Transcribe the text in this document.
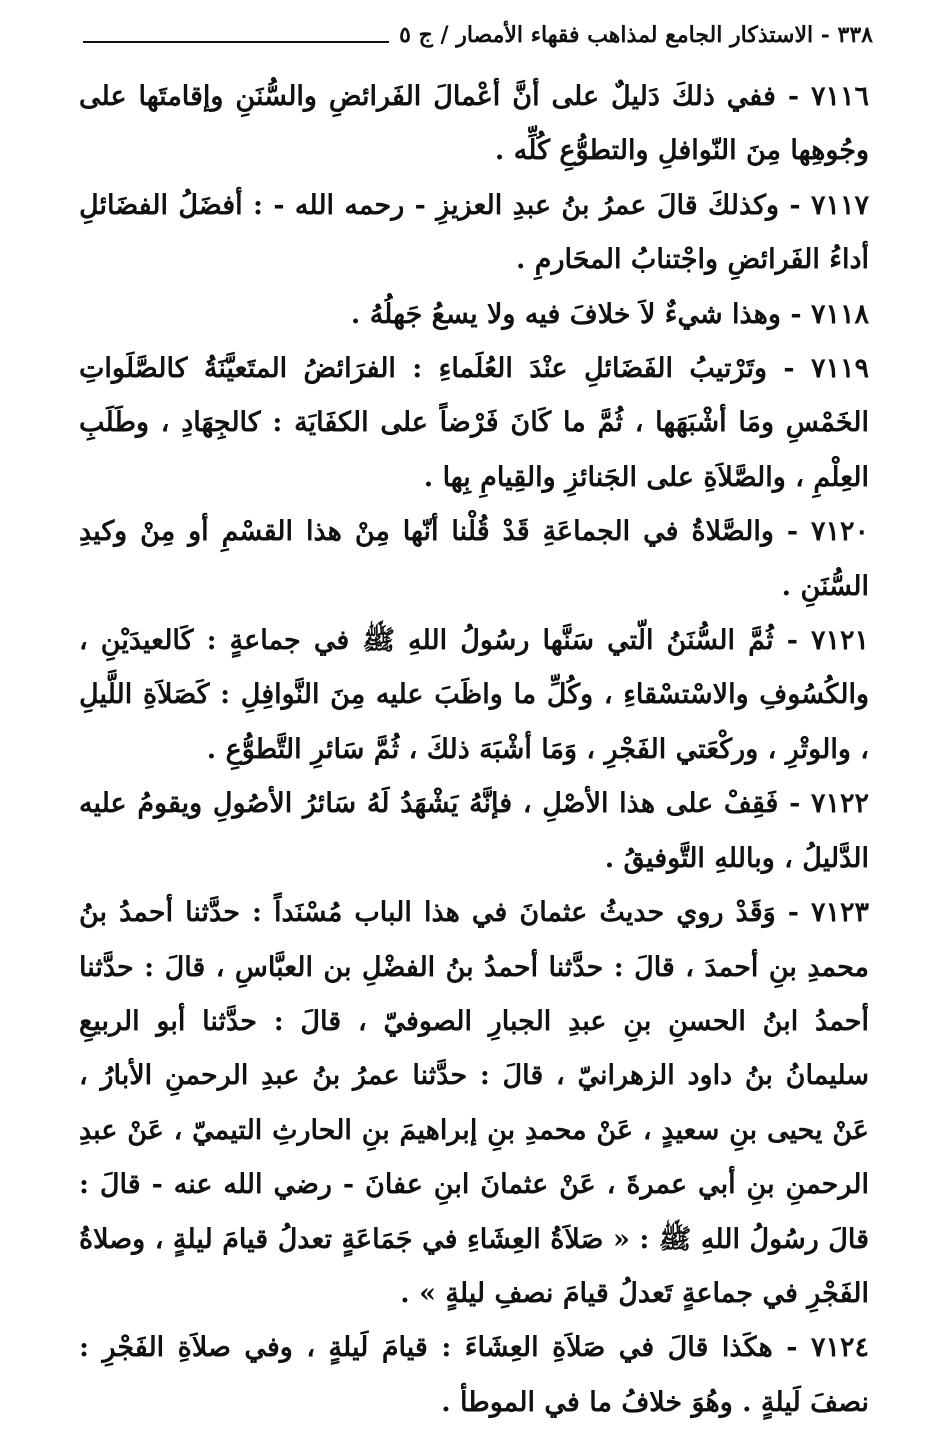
٣٣٨ - الاستذكار الجامع لمذاهب فقهاء الأمصار / ج ٥

٧١١٦ - ففي ذلكَ دَليلٌ على أنَّ أعْمالَ الفَرائضِ والسُّنَنِ وإقامتَها على وجُوهِها مِنَ النّوافلِ والتطوُّعِ كُلِّه .

٧١١٧ - وكذلكَ قالَ عمرُ بنُ عبدِ العزيزِ - رحمه الله - : أفضَلُ الفضَائلِ أداءُ الفَرائضِ واجْتنابُ المحَارمِ .

٧١١٨ - وهذا شيءٌ لاَ خلافَ فيه ولا يسعُ جَهلُهُ .

٧١١٩ - وتَرْتيبُ الفَضَائلِ عنْدَ العُلَماءِ : الفرَائضُ المتَعيَّنَةُ كالصَّلَواتِ الخَمْسِ ومَا أشْبَهَها ، ثُمَّ ما كَانَ فَرْضاً على الكفَايَة : كالجِهَادِ ، وطَلَبِ العِلْمِ ، والصَّلاَةِ على الجَنائزِ والقِيامِ بِها .

٧١٢٠ - والصَّلاةُ في الجماعَةِ قَدْ قُلْنا أنّها مِنْ هذا القسْمِ أو مِنْ وكيدِ السُّنَنِ .

٧١٢١ - ثُمَّ السُّنَنُ الّتي سَنَّها رسُولُ اللهِ ﷺ في جماعةٍ : كَالعيدَيْنِ ، والكُسُوفِ والاسْتسْقاءِ ، وكُلِّ ما واظَبَ عليه مِنَ النَّوافِلِ : كَصَلاَةِ اللَّيلِ ، والوتْرِ ، وركْعَتي الفَجْرِ ، وَمَا أشْبَهَ ذلكَ ، ثُمَّ سَائرِ التَّطوُّعِ .

٧١٢٢ - فَقِفْ على هذا الأصْلِ ، فإنَّهُ يَشْهَدُ لَهُ سَائرُ الأصُولِ ويقومُ عليه الدَّليلُ ، وباللهِ التَّوفيقُ .

٧١٢٣ - وَقَدْ روي حديثُ عثمانَ في هذا الباب مُسْنَداً : حدَّثنا أحمدُ بنُ محمدِ بنِ أحمدَ ، قالَ : حدَّثنا أحمدُ بنُ الفضْلِ بن العبَّاسِ ، قالَ : حدَّثنا أحمدُ ابنُ الحسنِ بنِ عبدِ الجبارِ الصوفيّ ، قالَ : حدَّثنا أبو الربيعِ سليمانُ بنُ داود الزهرانيّ ، قالَ : حدَّثنا عمرُ بنُ عبدِ الرحمنِ الأبارُ ، عَنْ يحيى بنِ سعيدٍ ، عَنْ محمدِ بنِ إبراهيمَ بنِ الحارثِ التيميّ ، عَنْ عبدِ الرحمنِ بنِ أبي عمرةَ ، عَنْ عثمانَ ابنِ عفانَ - رضي الله عنه - قالَ : قالَ رسُولُ اللهِ ﷺ : « صَلاَةُ العِشَاءِ في جَمَاعَةٍ تعدلُ قيامَ ليلةٍ ، وصلاةُ الفَجْرِ في جماعةٍ تَعدلُ قيامَ نصفِ ليلةٍ » .

٧١٢٤ - هكَذا قالَ في صَلاَةِ العِشَاءَ : قيامَ لَيلةٍ ، وفي صلاَةِ الفَجْرِ : نصفَ لَيلةٍ . وهُوَ خلافُ ما في الموطأ .
